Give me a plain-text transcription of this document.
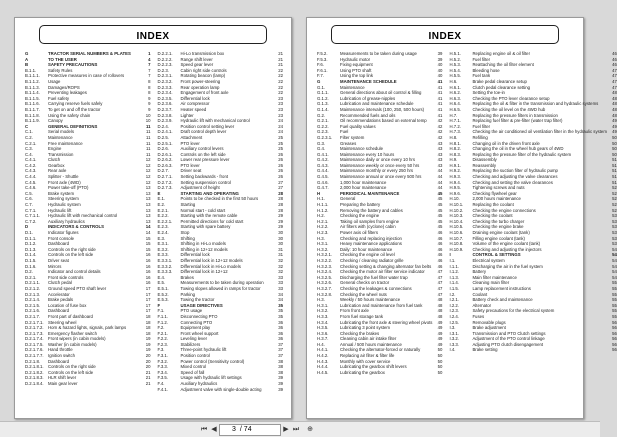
INDEX
G	TRACTOR SERIAL NUMBERS & PLATES	1
A	TO THE USER	4
B	SAFETY PRECAUTIONS	7
B.1.1.	Safety Rules	7
B.1.1.1.	Protective measures in case of rollovers	7
B.1.1.2.	Usage	8
B.1.1.3.	Damages/ROPS	8
B.1.1.4.	Preventing leakages	8
B.1.1.5.	Fuel safety	9
B.1.1.6.	Carrying reserve fuels safely	9
B.1.1.7.	To get on and off the tractor	9
B.1.1.8.	Using the safety chain	10
B.1.1.9.	Canopy	10
C	GENERAL DEFINITIONS	11
C.1.	Serial models	11
C.2.	Maintenance	11
C.2.1.	Free maintenance	11
C.3.	Engine	11
C.4.	Transmission	11
C.4.1.	Clutch	12
C.4.2.	Gearbox	12
C.4.3.	Rear axle	12
C.4.4.	Splitter - Shuttle	12
C.4.5.	Front axle (4WD)	12
C.4.6.	Power take-off (PTO)	13
C.5.	Brake system	13
C.6.	Steering system	13
C.7.	Hydraulic system	13
C.7.1.	Hydraulic lift	13
C.7.1.1.	Hydraulic lift with mechanical control	13
C.7.2.	Auxiliary hydraulics	13
D	INDICATORS & CONTROLS	14
D.1.	Indicator figures	14
D.1.1.	Front console	15
D.1.2.	Dashboard	15
D.1.3.	Controls on the right side	15
D.1.4.	Controls on the left side	16
D.1.5.	Driver seat	16
D.1.6.	Mirrors	16
D.2.	Indicator and control details	16
D.2.1.	Front side controls	16
D.2.1.1.	Clutch pedal	16
D.2.1.2.	Ground speed PTO shaft lever	17
D.2.1.3.	Accelerator	17
D.2.1.4.	Brake pedals	17
D.2.1.5.	Location of fuse box	17
D.2.1.6.	Dashboard	17
D.2.1.7.	Front part of dashboard	18
D.2.1.7.1.	Steering wheel	18
D.2.1.7.2.	Horn & hazard lights, signals, park lamps	18
D.2.1.7.3.	Emergency flasher switch	18
D.2.1.7.4.	Front wipers (in cabin models)	19
D.2.1.7.5.	Washer (in cabin models)	19
D.2.1.7.6.	Hand throttle	19
D.2.1.7.7.	Ignition switch	20
D.2.1.8.	Dashboard	20
D.2.1.8.1.	Controls on the right side	20
D.2.1.8.2.	Controls on the left side	21
D.2.1.8.3.	HLR shift lever	21
D.2.1.8.4.	Main gear lever	21
D.2.2.1.	Hi-Lo transmission box	21
D.2.2.2.	Range shift lever	21
D.2.2.3.	Speed gear lever	21
D.2.3.	Cabin right side controls	22
D.2.3.1.	Rotating beacon (lamp)	22
D.2.3.2.	Front power-steering	22
D.2.3.3.	Rear operation lamp	22
D.2.3.4.	Engagement of front axle	22
D.2.3.5.	Differential lock	23
D.2.3.6.	Air compressor	23
D.2.3.7.	Heater speed	23
D.2.3.8.	Lighter	23
D.2.3.9.	Hydraulic lift with mechanical control	24
D.2.4.	Position control setting lever	24
D.2.4.1.	Draft control depth lever	24
D.2.5.	Attachment	25
D.2.5.1.	PTO lever	25
D.2.6.	Auxiliary control levers	25
D.2.6.1.	Controls on the left side	26
D.2.6.2.	Lower rear pressure lever	26
D.2.6.3.	PTO lever	26
D.2.7.	Driver seat	26
D.2.7.1.	Setting backwards - front	26
D.2.7.2.	Setting suspension control	27
D.2.7.3.	Adjustment of height	27
E	STARTING AND OPERATING	28
E.1.	Points to be checked in the first 50 hours	28
E.2.	Starting	28
E.2.1.	Normal start - cold start	28
E.2.2.	Starting with the remote cable	29
E.2.2.1.	Permitted directions for cold start	29
E.2.3.	Starting with spare battery	29
E.2.4.	Stop	30
E.3.	Shifting	30
E.3.1.	Shifting in Hi-Lo models	30
E.3.2.	Shifting in 12+12 models	31
E.3.3.	Differential lock	31
E.3.3.1.	Differential lock in 12+12 models	32
E.3.3.2.	Differential lock in Hi-Lo models	32
E.3.3.3.	Differential lock in 12+12	32
E.4.	Brakes	33
E.5.	Measurements to be taken during operation	33
E.5.1.	Towing slopes allowed in ramps for tractor	33
E.5.2.	Parking	34
E.5.3.	Towing the tractor	34
F	USAGE DIRECTIVES	35
F.1.	PTO usage	35
F.1.1.	Disconnecting PTO	35
F.1.2.	Connecting PTO	36
F.2.	Equipment play	36
F.2.1.	Front wheel support	36
F.2.2.	Leveling lever	36
F.2.3.	Stabilizers	37
F.3.	Three-point hydraulic lift	37
F.3.1.	Position control	37
F.3.2.	Power control (Sensitivity control)	38
F.3.3.	Mixed control	38
F.3.4.	Speed of fall	38
F.3.5.	Usage with hydraulic lift settings	39
F.4.	Auxiliary hydraulics	39
F.4.1.	Adjustment valve with single-double acting	39
INDEX
F.5.2.	Measurements to be taken during usage	39
F.5.3.	Hydraulic motor	39
F.6.	Fixing equipment	40
F.6.1.	Using PTO shaft	40
F.7.	Using the top link	40
G	MAINTENANCE SCHEDULE	41
G.1.	Maintenance	41
G.1.1.	General directions about oil control & filling	41
G.1.2.	Lubrication of grease-nipples	41
G.1.3.	Lubrication and maintenance schedule	41
G.1.4.	Maintenance intervals (100, 250, 500 hours)	41
G.2.	Recommended fuels and oils	41
G.2.1.	Oil recommendations based on external temp	42
G.2.2.	Fuel quality values	42
G.2.3.	Fuel	42
G.2.3.1.	Filter system	42
G.3.	Greases	43
G.4.	Maintenance schedule	43
G.4.1.	Maintenance every 10 hours	43
G.4.2.	Maintenance daily or once every 10 hrs	43
G.4.3.	Maintenance weekly or once every 50 hrs	43
G.4.4.	Maintenance monthly or every 250 hrs	44
G.4.5.	Maintenance annual or once every 500 hrs	44
G.4.6.	1,000 hour maintenance	44
G.4.7.	2,000 hour maintenance	44
H	PERIODICAL MAINTENANCE	45
H.1.	General	45
H.1.1.	Preparing the battery	45
H.1.2.	Removing the battery and cables	45
H.2.	Checking the engine	45
H.2.1.	Taking oil samples from engine	45
H.2.2.	Air filters with (cyclone) cabin	45
H.2.3.	Power axis oil filters	46
H.3.	Checking and replacing injection	46
H.3.1.	Heavy maintenance applications	46
H.3.2.	Daily: 10 hour maintenance	46
H.3.2.1.	Checking the engine oil level	46
H.3.2.2.	Checking / cleaning radiator grille	46
H.3.2.3.	Checking setting & changing alternator fan belts	46
H.3.2.4.	Checking the motor air filter service indicator	47
H.3.2.5.	Discharging the fuel filter water trap	47
H.3.2.6.	General checks on tractor	47
H.3.2.7.	Checking the leakages & connections	47
H.3.2.8.	Checking the wheel nuts	47
H.3.	Weekly / 50 hours maintenance	48
H.3.1.	Lubrication and maintenance from fuel tank	48
H.3.2.	From front axle	48
H.3.3.	From fuel storage tank	48
H.3.4.	Lubricating the front axle & steering wheel pivots	49
H.3.5.	Lubricating 3 point system	49
H.3.6.	Checking the brakes	49
H.3.7.	Cleaning cabin air intake filter	49
H.4.	Annual / 500 hours maintenance	49
H.4.1.	Checking the alternator-forced or naturally	50
H.4.2.	Replacing air filter & filter life	50
H.4.3.	Monthly with cover service	50
H.4.4.	Lubricating the gearbox shift levers	50
H.4.5.	Lubricating the gearbox	50
H.5.1.	Replacing engine oil & oil filter	46
H.5.2.	Fuel filter	46
H.5.3.	Reattaching the oil filter element	46
H.5.4.	Bleeding hose	47
H.5.5.	Fuel tank	47
H.6.	Brake pedal clearance setup	47
H.6.1.	Clutch pedal clearance setting	47
H.6.2.	Setting the toe-in	48
H.6.3.	Checking the PTO lever clearance setup	48
H.6.4.	Replacing the oil & filter in the transmission and hydraulic systems	48
H.6.5.	Checking the oil level on the 4WD hub	48
H.7.	Replacing the pressure filters in transmission	48
H.7.1.	Replacing fuel filter & pre-filter (water trap filter)	49
H.7.2.	Fuel filter	49
H.7.3.	Checking the air conditioned oil ventilation filter in the hydraulic system	49
H.8.	Refilling	50
H.8.1.	Changing oil in the driven front axle	50
H.8.2.	Changing the oil in the wheel hub gears of 4WD	50
H.8.3.	Replacing the pressure filter of the hydraulic system	50
H.9.	Disassembly	51
H.9.1.	Reassembly	51
H.9.2.	Replacing the suction filter of hydraulic pump	51
H.9.3.	Checking and adjusting the valve clearances	51
H.9.4.	Checking and setting the valve clearances	51
H.9.5.	Tightening screws and nuts	52
H.9.6.	Checking flywheel gear	52
H.10.	2,000 hours maintenance	52
H.10.1.	Replacing the coolant	52
H.10.2.	Checking the engine connections	52
H.10.3.	Checking the coolant	53
H.10.4.	Checking the turbo charger	53
H.10.5.	Checking the engine brake	53
H.10.6.	Draining engine coolant (tank)	53
H.10.7.	Filling engine coolant (tank)	53
H.10.8.	Volume of the engine coolant (tank)	53
H.10.9.	Checking and adjusting the injectors	54
I	CONTROL & SETTINGS	54
I.1.	Electrical system	54
I.1.1.	Discharging the air in the fuel system	54
I.1.2.	Battery	54
I.1.3.	Main filter maintenance	54
I.1.4.	Cleaning main filter	55
I.1.5.	Lamp replacement instructions	55
I.2.	Coolant	55
I.2.1.	Battery check and maintenance	55
I.2.2.	Alternator	55
I.2.3.	Safety precautions for the electrical system	55
I.2.4.	Fuses	55
I.2.5.	Removable plugs	56
I.3.	Brake adjustment	56
I.3.1.	Transmission and PTO Clutch settings	56
I.3.2.	Adjustment of the PTO control linkage	56
I.3.3.	Adjusting PTO clutch disengagement	56
I.4.	Brake setting	56
⏮ ◀ 3 / 74	▶ ⏭ ⊕
